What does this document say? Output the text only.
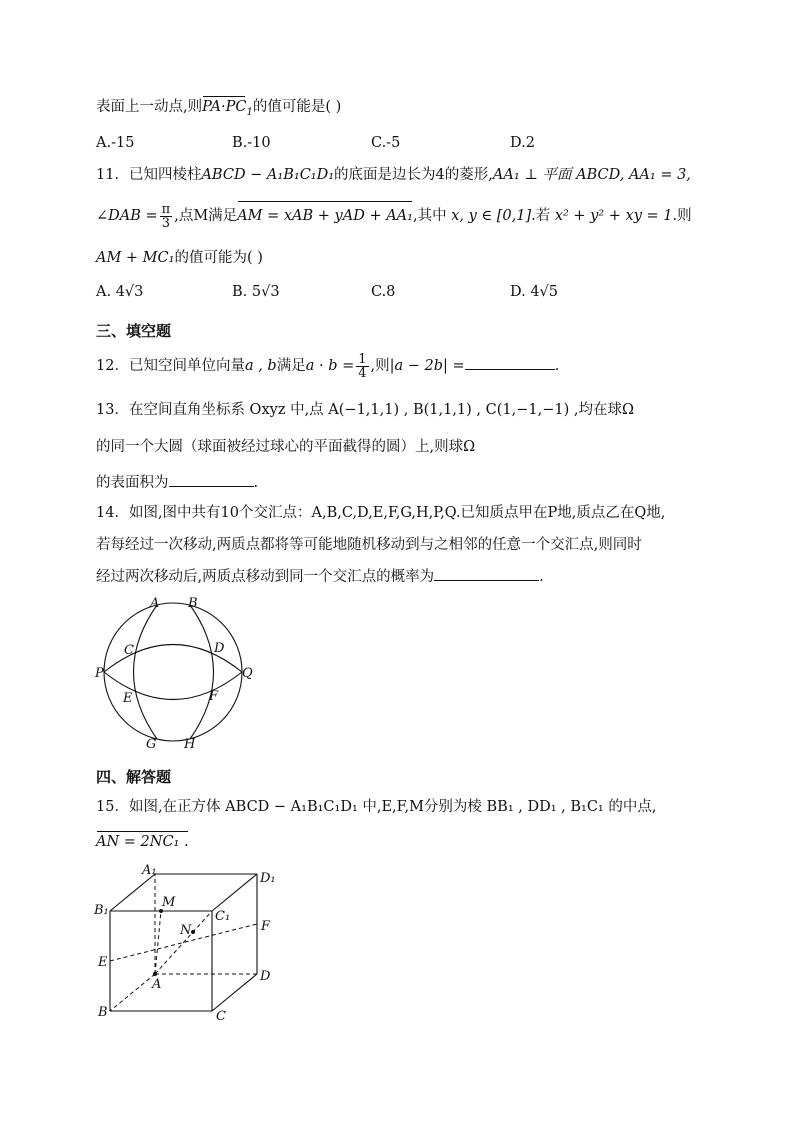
表面上一动点,则$PA\cdot PC_1$的值可能是( )
A.-15	B.-10	C.-5	D.2
11．已知四棱柱ABCD − A₁B₁C₁D₁的底面是边长为4的菱形,AA₁ ⊥ 平面 ABCD, AA₁ = 3,
∠DAB = $\frac{\pi}{3}$ ,点M满足AM = xAB + yAD + AA₁,其中 x, y ∈ [0,1].若 x² + y² + xy = 1.则
AM + MC₁的值可能为( )
A. 4√3	B. 5√3	C.8	D. 4√5
三、填空题
12．已知空间单位向量a , b满足$a \cdot b = \frac{1}{4}$ ,则|a − 2b| =	.
13．在空间直角坐标系 Oxyz 中,点 A(−1,1,1) , B(1,1,1) , C(1,−1,−1) ,均在球Ω
的同一个大圆（球面被经过球心的平面截得的圆）上,则球Ω
的表面积为	.
14．如图,图中共有10个交汇点：A,B,C,D,E,F,G,H,P,Q.已知质点甲在P地,质点乙在Q地,
若每经过一次移动,两质点都将等可能地随机移动到与之相邻的任意一个交汇点,则同时
经过两次移动后,两质点移动到同一个交汇点的概率为	.
A B
C	D
P	Q
E	F
G H
四、解答题
15．如图,在正方体 ABCD − A₁B₁C₁D₁ 中,E,F,M分别为棱 BB₁ , DD₁ , B₁C₁ 的中点,
AN = 2NC₁ .
A₁
D₁
B₁
M
C₁
N	F
E
A
D
B	C
